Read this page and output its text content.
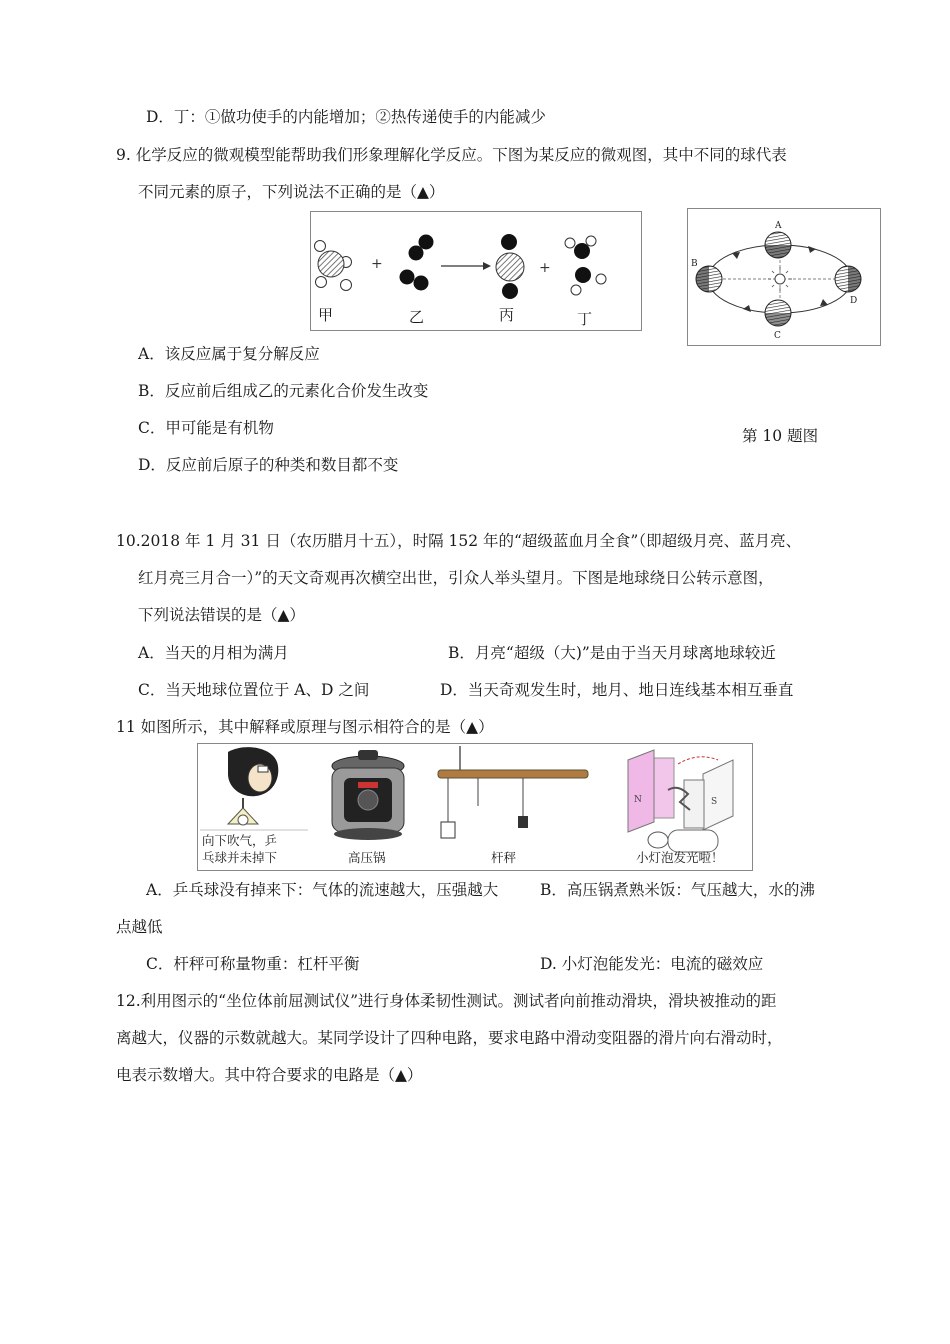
D．丁：①做功使手的内能增加；②热传递使手的内能减少
9. 化学反应的微观模型能帮助我们形象理解化学反应。下图为某反应的微观图，其中不同的球代表
不同元素的原子，下列说法不正确的是（▲）
+	+
甲	乙	丙	丁
A
B
C
D
A．该反应属于复分解反应
B．反应前后组成乙的元素化合价发生改变
C．甲可能是有机物	第 10 题图
D．反应前后原子的种类和数目都不变
10.2018 年 1 月 31 日（农历腊月十五），时隔 152 年的“超级蓝血月全食”（即超级月亮、蓝月亮、
红月亮三月合一）”的天文奇观再次横空出世，引众人举头望月。下图是地球绕日公转示意图，
下列说法错误的是（▲）
A．当天的月相为满月	B．月亮“超级（大)”是由于当天月球离地球较近
C．当天地球位置位于 A、D 之间	D．当天奇观发生时，地月、地日连线基本相互垂直
11 如图所示，其中解释或原理与图示相符合的是（▲）
N	S
向下吹气，乒
乓球并未掉下	高压锅	杆秤	小灯泡发光啦！
A．乒乓球没有掉来下：气体的流速越大，压强越大	B．高压锅煮熟米饭：气压越大，水的沸
点越低
C．杆秤可称量物重：杠杆平衡	D. 小灯泡能发光：电流的磁效应
12.利用图示的“坐位体前屈测试仪”进行身体柔韧性测试。测试者向前推动滑块，滑块被推动的距
离越大，仪器的示数就越大。某同学设计了四种电路，要求电路中滑动变阻器的滑片向右滑动时，
电表示数增大。其中符合要求的电路是（▲）
